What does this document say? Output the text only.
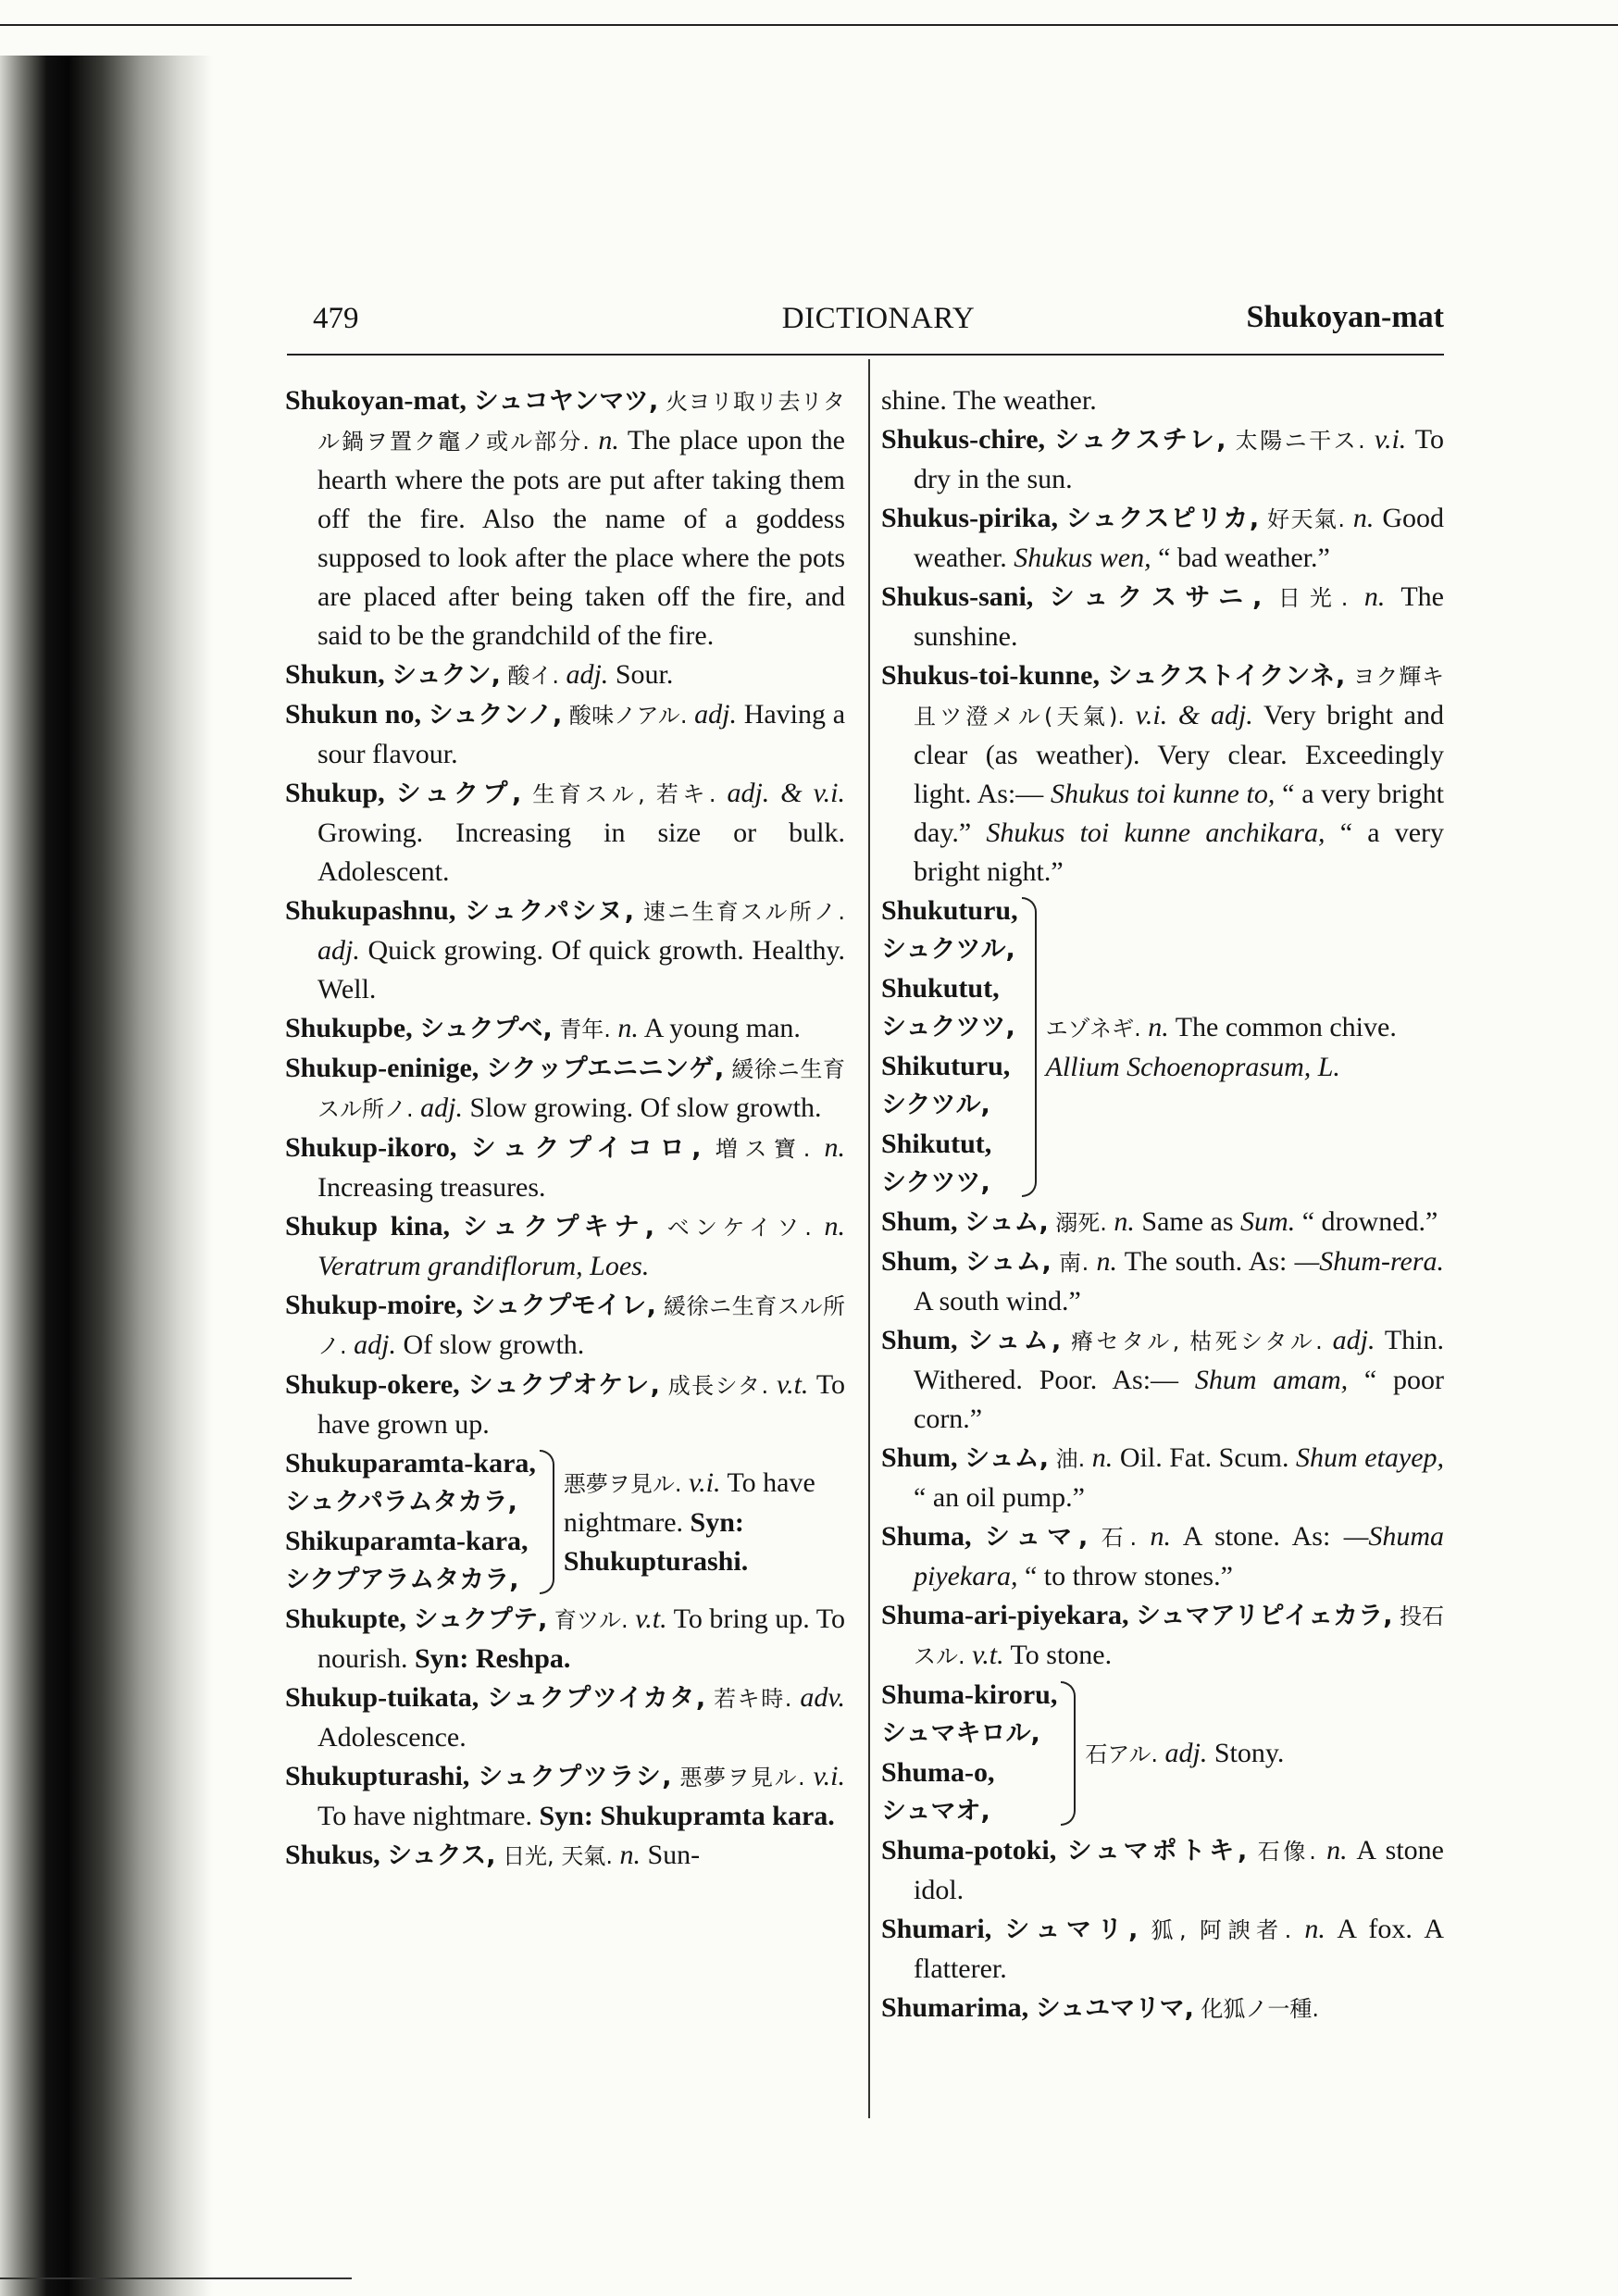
479	DICTIONARY	Shukoyan-mat
Shukoyan-mat, シュコヤンマツ, 火ヨリ取リ去リタル鍋ヲ置ク竈ノ或ル部分. n. The place upon the hearth where the pots are put after taking them off the fire. Also the name of a goddess supposed to look after the place where the pots are placed after being taken off the fire, and said to be the grandchild of the fire.
Shukun, シュクン, 酸イ. adj. Sour.
Shukun no, シュクンノ, 酸味ノアル. adj. Having a sour flavour.
Shukup, シュクプ, 生育スル, 若キ. adj. & v.i. Growing. Increasing in size or bulk. Adolescent.
Shukupashnu, シュクパシヌ, 速ニ生育スル所ノ. adj. Quick growing. Of quick growth. Healthy. Well.
Shukupbe, シュクプベ, 青年. n. A young man.
Shukup-eninige, シクップエニニンゲ, 緩徐ニ生育スル所ノ. adj. Slow growing. Of slow growth.
Shukup-ikoro, シュクプイコロ, 増ス寶. n. Increasing treasures.
Shukup kina, シュクプキナ, ベンケイソ. n. Veratrum grandiflorum, Loes.
Shukup-moire, シュクプモイレ, 緩徐ニ生育スル所ノ. adj. Of slow growth.
Shukup-okere, シュクプオケレ, 成長シタ. v.t. To have grown up.
Shukuparamta-kara,
シュクパラムタカラ,
Shikuparamta-kara,
シクプアラムタカラ,
悪夢ヲ見ル. v.i. To have nightmare. Syn: Shukupturashi.
Shukupte, シュクプテ, 育ツル. v.t. To bring up. To nourish. Syn: Reshpa.
Shukup-tuikata, シュクプツイカタ, 若キ時. adv. Adolescence.
Shukupturashi, シュクプツラシ, 悪夢ヲ見ル. v.i. To have nightmare. Syn: Shukupramta kara.
Shukus, シュクス, 日光, 天氣. n. Sun-
shine. The weather.
Shukus-chire, シュクスチレ, 太陽ニ干ス. v.i. To dry in the sun.
Shukus-pirika, シュクスピリカ, 好天氣. n. Good weather. Shukus wen, “ bad weather.”
Shukus-sani, シュクスサニ, 日光. n. The sunshine.
Shukus-toi-kunne, シュクストイクンネ, ヨク輝キ且ツ澄メル(天氣). v.i. & adj. Very bright and clear (as weather). Very clear. Exceedingly light. As:— Shukus toi kunne to, “ a very bright day.” Shukus toi kunne anchikara, “ a very bright night.”
Shukuturu,
シュクツル,
Shukutut,
シュクツツ,
Shikuturu,
シクツル,
Shikutut,
シクツツ,
エゾネギ. n. The common chive. Allium Schoenoprasum, L.
Shum, シュム, 溺死. n. Same as Sum. “ drowned.”
Shum, シュム, 南. n. The south. As: —Shum-rera. A south wind.”
Shum, シュム, 瘠セタル, 枯死シタル. adj. Thin. Withered. Poor. As:— Shum amam, “ poor corn.”
Shum, シュム, 油. n. Oil. Fat. Scum. Shum etayep, “ an oil pump.”
Shuma, シュマ, 石. n. A stone. As: —Shuma piyekara, “ to throw stones.”
Shuma-ari-piyekara, シュマアリピイェカラ, 投石スル. v.t. To stone.
Shuma-kiroru,
シュマキロル,
Shuma-o,
シュマオ,
石アル. adj. Stony.
Shuma-potoki, シュマポトキ, 石像. n. A stone idol.
Shumari, シュマリ, 狐, 阿諛者. n. A fox. A flatterer.
Shumarima, シュユマリマ, 化狐ノ一種.
